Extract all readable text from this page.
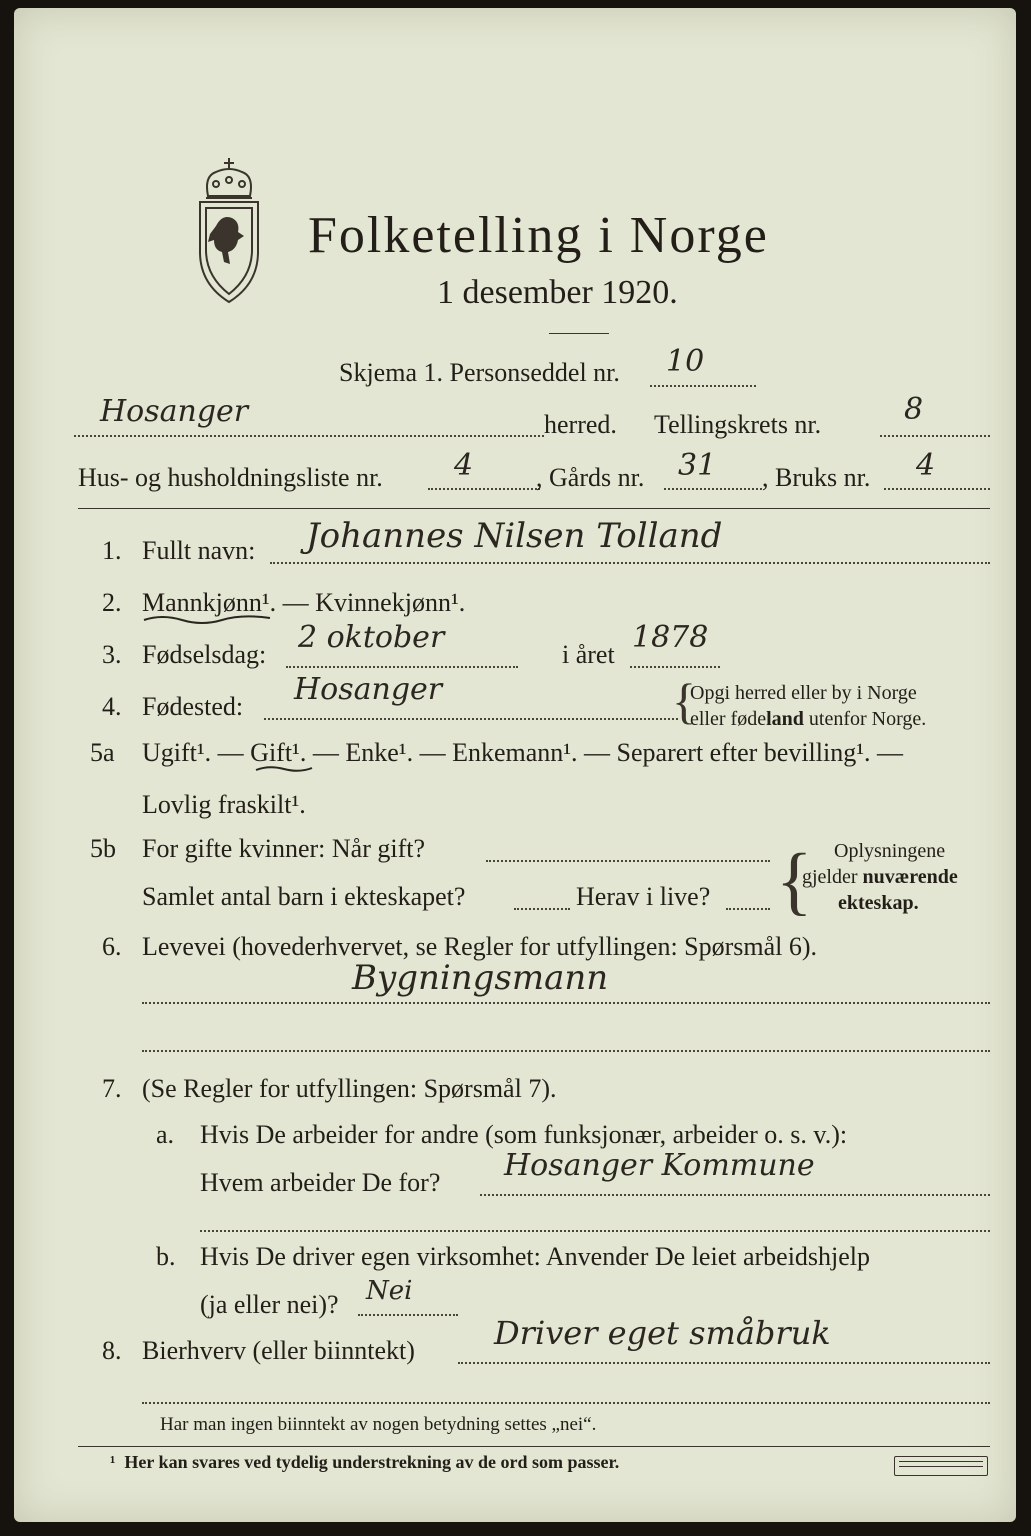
Folketelling i Norge
1 desember 1920.
Skjema 1. Personseddel nr. 10
Hosanger	herred. Tellingskrets nr.	8
Hus- og husholdningsliste nr. 4 , Gårds nr. 31 , Bruks nr. 4
1. Fullt navn: Johannes Nilsen Tolland
2. Mannkjønn¹. — Kvinnekjønn¹.
3. Fødselsdag: 2 oktober	i året 1878
4. Fødested: Hosanger	{
Opgi herred eller by i Norge
eller fødeland utenfor Norge.
5a Ugift¹. — Gift¹. — Enke¹. — Enkemann¹. — Separert efter bevilling¹. —
Lovlig fraskilt¹.
5b For gifte kvinner: Når gift?
Samlet antal barn i ekteskapet?	Herav i live? { Oplysningene
gjelder nuværende
ekteskap.
6. Levevei (hovederhvervet, se Regler for utfyllingen: Spørsmål 6).
Bygningsmann
7. (Se Regler for utfyllingen: Spørsmål 7).
a. Hvis De arbeider for andre (som funksjonær, arbeider o. s. v.):
Hvem arbeider De for? Hosanger Kommune
b. Hvis De driver egen virksomhet: Anvender De leiet arbeidshjelp
(ja eller nei)? Nei
8. Bierhverv (eller biinntekt) Driver eget småbruk
Har man ingen biinntekt av nogen betydning settes „nei“.
¹ Her kan svares ved tydelig understrekning av de ord som passer.
